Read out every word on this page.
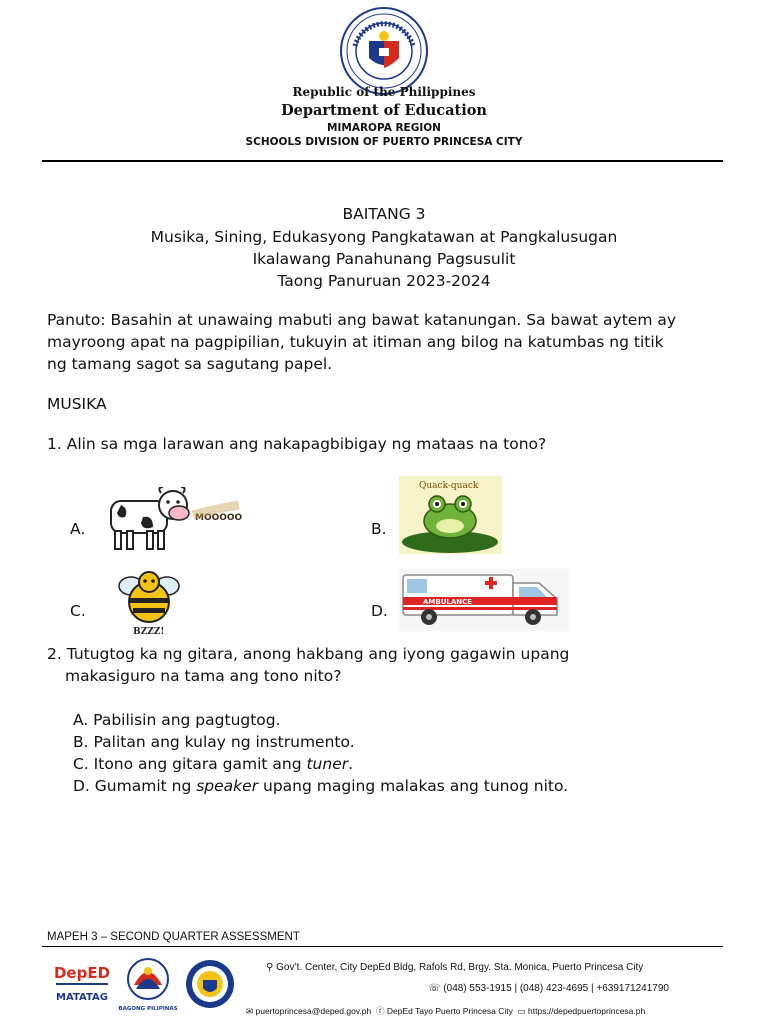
Republic of the Philippines
Department of Education
MIMAROPA REGION
SCHOOLS DIVISION OF PUERTO PRINCESA CITY
BAITANG 3
Musika, Sining, Edukasyong Pangkatawan at Pangkalusugan
Ikalawang Panahunang Pagsusulit
Taong Panuruan 2023-2024
Panuto: Basahin at unawaing mabuti ang bawat katanungan. Sa bawat aytem ay mayroong apat na pagpipilian, tukuyin at itiman ang bilog na katumbas ng titik ng tamang sagot sa sagutang papel.
MUSIKA
1. Alin sa mga larawan ang nakapagbibigay ng mataas na tono?
A.	B.
C.	D.
MOOOOO
Quack-quack
BZZZ!
AMBULANCE
2. Tutugtog ka ng gitara, anong hakbang ang iyong gagawin upang
makasiguro na tama ang tono nito?
A. Pabilisin ang pagtugtog.
B. Palitan ang kulay ng instrumento.
C. Itono ang gitara gamit ang tuner.
D. Gumamit ng speaker upang maging malakas ang tunog nito.
MAPEH 3 – SECOND QUARTER ASSESSMENT
DepED
MATATAG
BAGONG PILIPINAS
⚲ Gov’t. Center, City DepEd Bldg, Rafols Rd, Brgy. Sta. Monica, Puerto Princesa City
☏ (048) 553-1915 | (048) 423-4695 | +639171241790
✉ puertoprincesa@deped.gov.ph ⓕ DepEd Tayo Puerto Princesa City ▭ https://depedpuertoprincesa.ph
